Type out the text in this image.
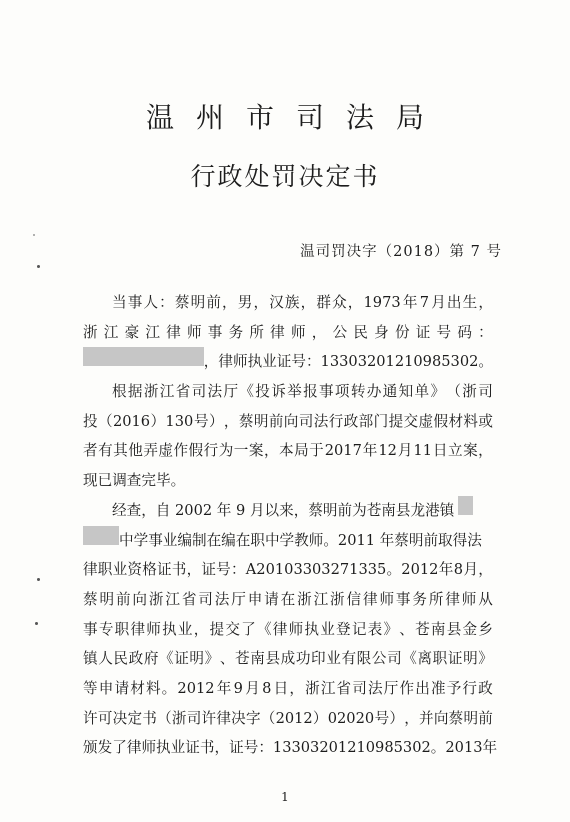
温州市司法局
行政处罚决定书
温司罚决字（2018）第 7 号
当 事 人 ： 蔡 明 前 ， 男 ， 汉 族 ， 群 众 ， 1973 年 7 月 出 生 ，
浙 江 豪 江 律 师 事 务 所 律 师 ， 公 民 身 份 证 号 码 ：
，律师执业证号：13303201210985302。
根 据 浙 江 省 司 法 厅 《 投 诉 举 报 事 项 转 办 通 知 单 》 （ 浙 司
投 （ 2016 ） 130 号 ） ， 蔡 明 前 向 司 法 行 政 部 门 提 交 虚 假 材 料 或
者 有 其 他 弄 虚 作 假 行 为 一 案 ， 本 局 于 2017 年 12 月 11 日 立 案 ，
现已调查完毕。
经查，自 2002 年 9 月以来，蔡明前为苍南县龙港镇
中学事业编制在编在职中学教师。2011 年蔡明前取得法
律 职 业 资 格 证 书 ， 证 号 ： A20103303271335 。 2012 年 8 月 ，
蔡 明 前 向 浙 江 省 司 法 厅 申 请 在 浙 江 浙 信 律 师 事 务 所 律 师 从
事 专 职 律 师 执 业 ， 提 交 了 《 律 师 执 业 登 记 表 》 、 苍 南 县 金 乡
镇 人 民 政 府 《 证 明 》 、 苍 南 县 成 功 印 业 有 限 公 司 《 离 职 证 明 》
等 申 请 材 料 。 2012 年 9 月 8 日 ， 浙 江 省 司 法 厅 作 出 准 予 行 政
许 可 决 定 书 （ 浙 司 许 律 决 字 （ 2012 ） 02020 号 ） ， 并 向 蔡 明 前
颁 发 了 律 师 执 业 证 书 ， 证 号 ： 13303201210985302 。 2013 年
1
